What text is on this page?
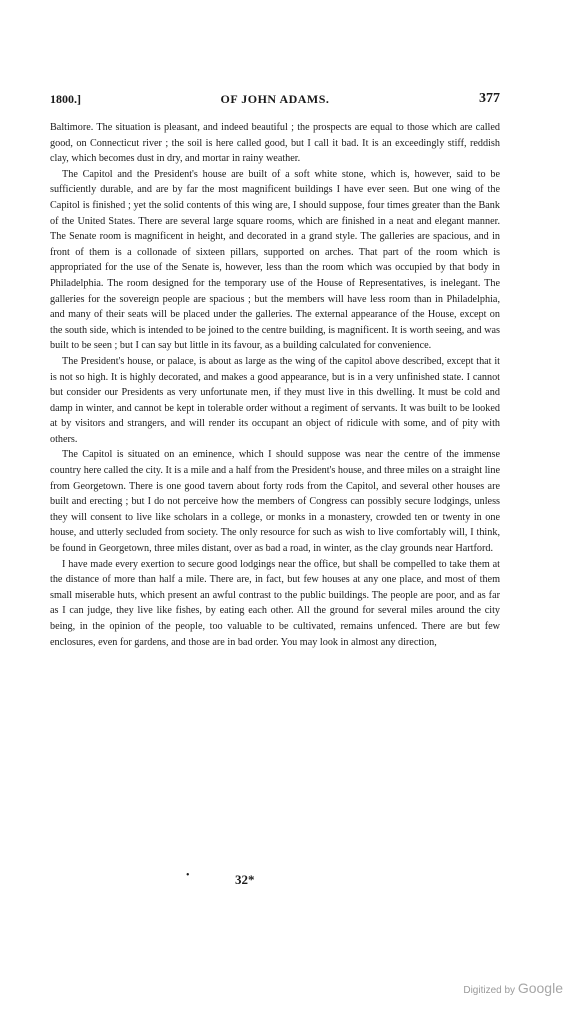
1800.]	OF JOHN ADAMS.	377

Baltimore. The situation is pleasant, and indeed beautiful ; the prospects are equal to those which are called good, on Connecticut river ; the soil is here called good, but I call it bad. It is an exceedingly stiff, reddish clay, which becomes dust in dry, and mortar in rainy weather.

The Capitol and the President's house are built of a soft white stone, which is, however, said to be sufficiently durable, and are by far the most magnificent buildings I have ever seen. But one wing of the Capitol is finished ; yet the solid contents of this wing are, I should suppose, four times greater than the Bank of the United States. There are several large square rooms, which are finished in a neat and elegant manner. The Senate room is magnificent in height, and decorated in a grand style. The galleries are spacious, and in front of them is a collonade of sixteen pillars, supported on arches. That part of the room which is appropriated for the use of the Senate is, however, less than the room which was occupied by that body in Philadelphia. The room designed for the temporary use of the House of Representatives, is inelegant. The galleries for the sovereign people are spacious ; but the members will have less room than in Philadelphia, and many of their seats will be placed under the galleries. The external appearance of the House, except on the south side, which is intended to be joined to the centre building, is magnificent. It is worth seeing, and was built to be seen ; but I can say but little in its favour, as a building calculated for convenience.

The President's house, or palace, is about as large as the wing of the capitol above described, except that it is not so high. It is highly decorated, and makes a good appearance, but is in a very unfinished state. I cannot but consider our Presidents as very unfortunate men, if they must live in this dwelling. It must be cold and damp in winter, and cannot be kept in tolerable order without a regiment of servants. It was built to be looked at by visitors and strangers, and will render its occupant an object of ridicule with some, and of pity with others.

The Capitol is situated on an eminence, which I should suppose was near the centre of the immense country here called the city. It is a mile and a half from the President's house, and three miles on a straight line from Georgetown. There is one good tavern about forty rods from the Capitol, and several other houses are built and erecting ; but I do not perceive how the members of Congress can possibly secure lodgings, unless they will consent to live like scholars in a college, or monks in a monastery, crowded ten or twenty in one house, and utterly secluded from society. The only resource for such as wish to live comfortably will, I think, be found in Georgetown, three miles distant, over as bad a road, in winter, as the clay grounds near Hartford.

I have made every exertion to secure good lodgings near the office, but shall be compelled to take them at the distance of more than half a mile. There are, in fact, but few houses at any one place, and most of them small miserable huts, which present an awful contrast to the public buildings. The people are poor, and as far as I can judge, they live like fishes, by eating each other. All the ground for several miles around the city being, in the opinion of the people, too valuable to be cultivated, remains unfenced. There are but few enclosures, even for gardens, and those are in bad order. You may look in almost any direction,

•	32*
Digitized by Google
